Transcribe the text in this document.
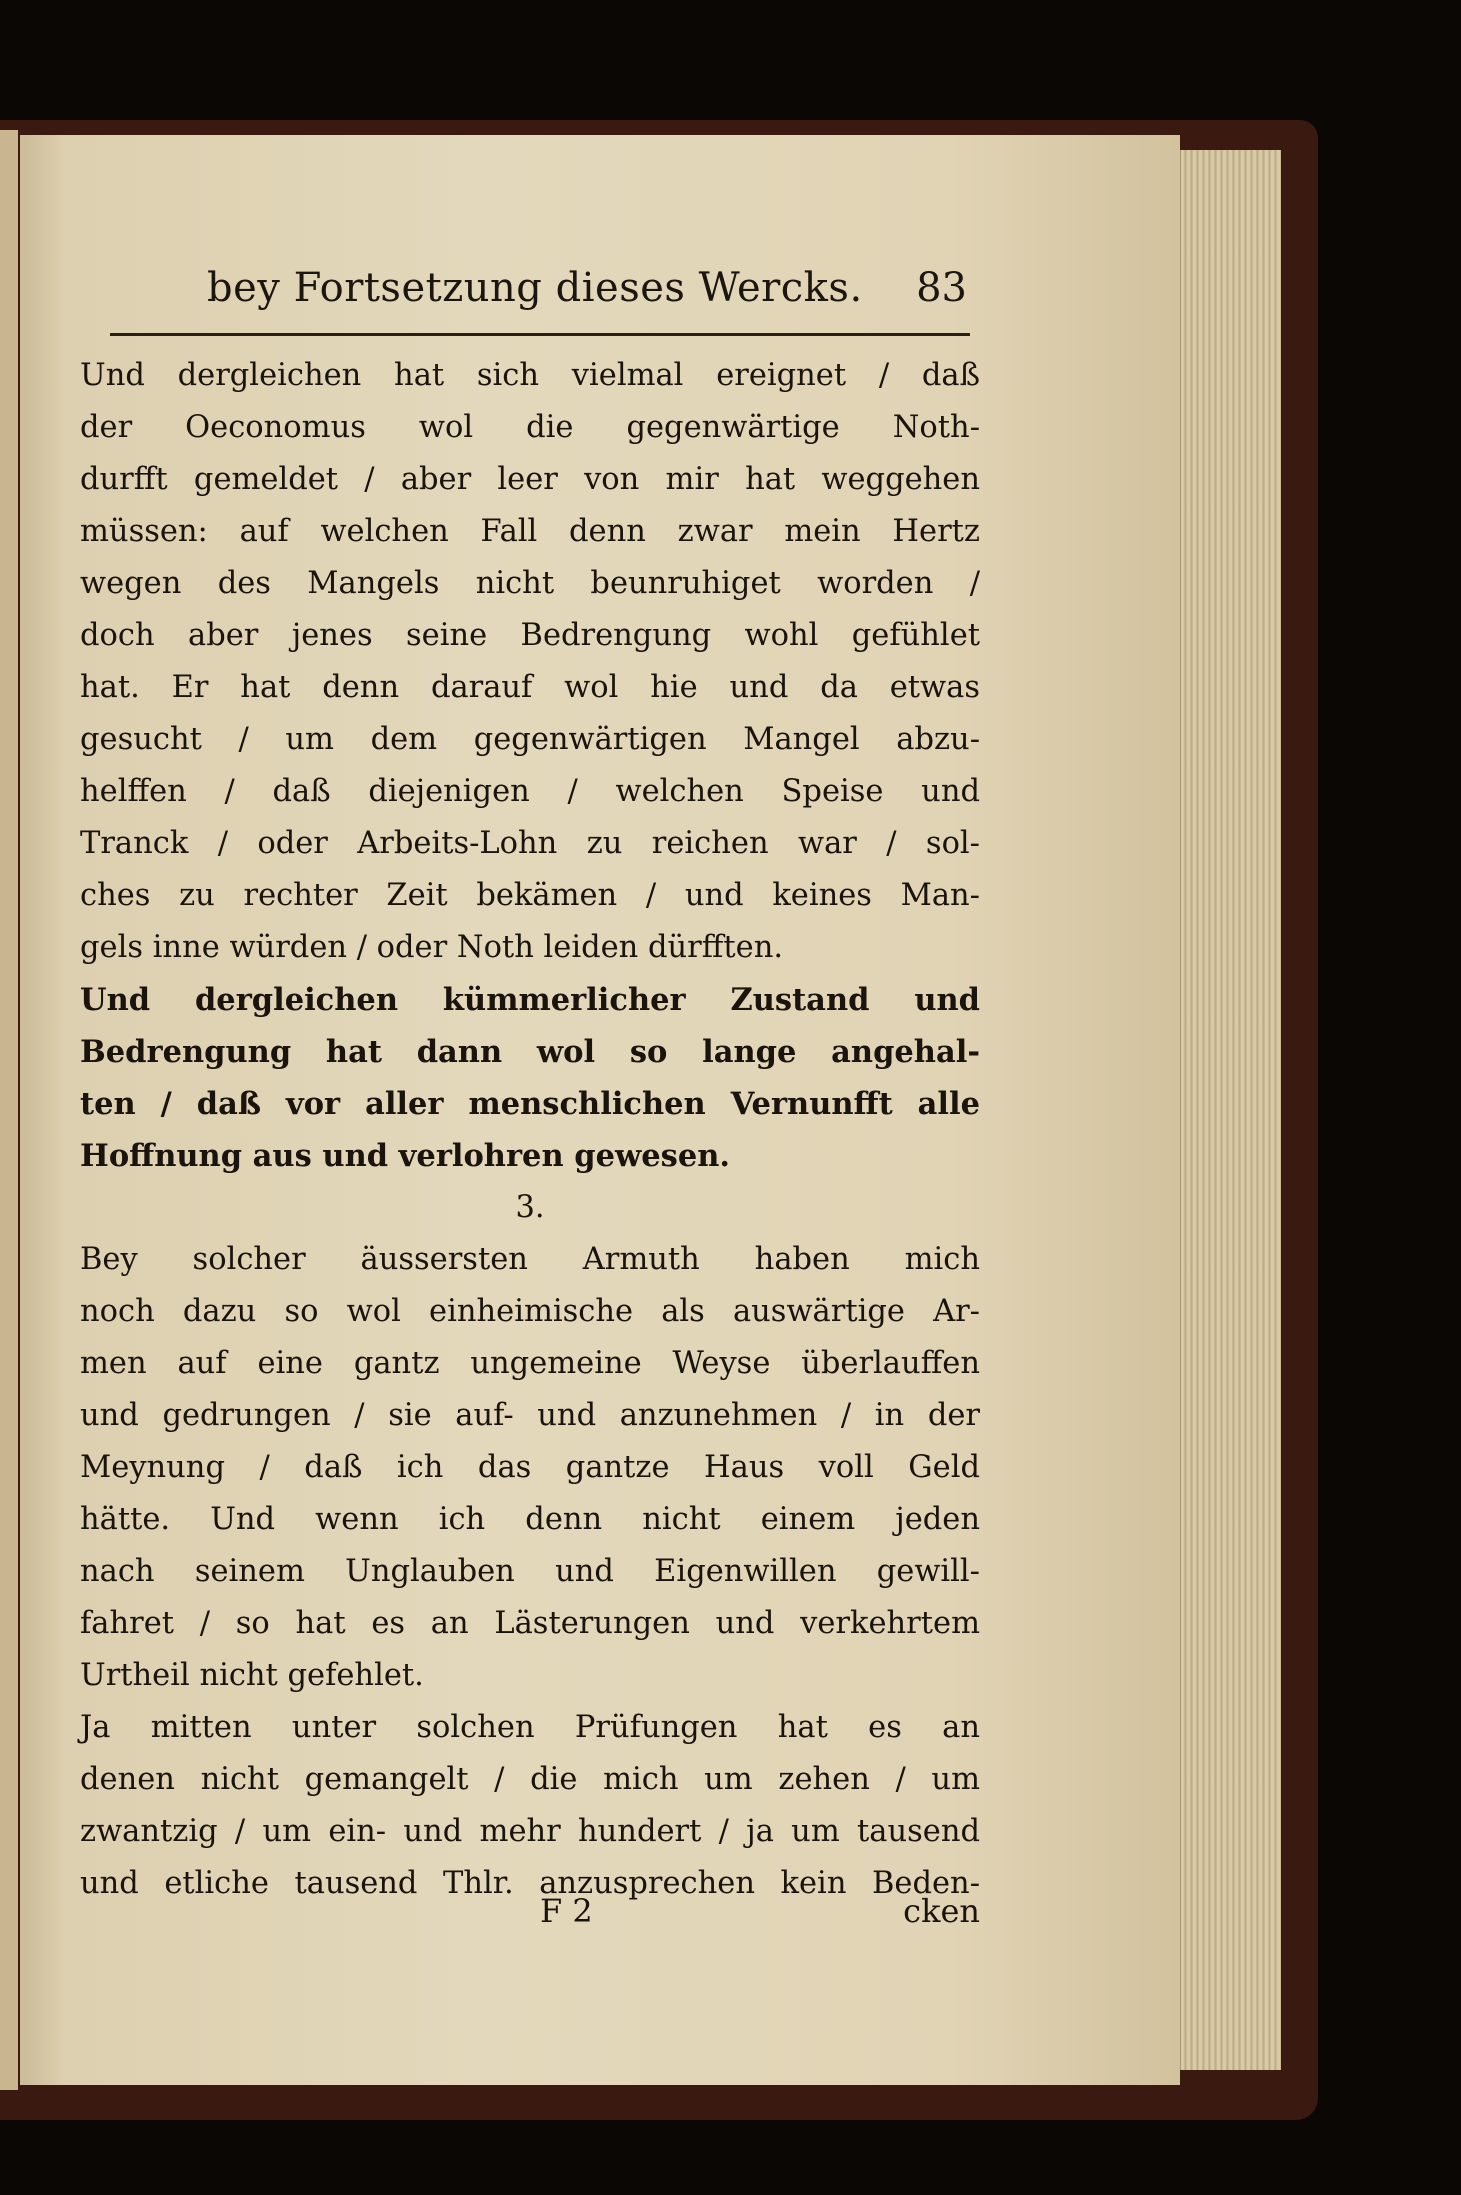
bey Fortsetzung dieses Wercks. 83
Und dergleichen hat sich vielmal ereignet / daß
der Oeconomus wol die gegenwärtige Noth-
durfft gemeldet / aber leer von mir hat weggehen
müssen: auf welchen Fall denn zwar mein Hertz
wegen des Mangels nicht beunruhiget worden /
doch aber jenes seine Bedrengung wohl gefühlet
hat. Er hat denn darauf wol hie und da etwas
gesucht / um dem gegenwärtigen Mangel abzu-
helffen / daß diejenigen / welchen Speise und
Tranck / oder Arbeits-Lohn zu reichen war / sol-
ches zu rechter Zeit bekämen / und keines Man-
gels inne würden / oder Noth leiden dürfften.
Und dergleichen kümmerlicher Zustand und
Bedrengung hat dann wol so lange angehal-
ten / daß vor aller menschlichen Vernunfft alle
Hoffnung aus und verlohren gewesen.
3.
Bey solcher äussersten Armuth haben mich
noch dazu so wol einheimische als auswärtige Ar-
men auf eine gantz ungemeine Weyse überlauffen
und gedrungen / sie auf- und anzunehmen / in der
Meynung / daß ich das gantze Haus voll Geld
hätte. Und wenn ich denn nicht einem jeden
nach seinem Unglauben und Eigenwillen gewill-
fahret / so hat es an Lästerungen und verkehrtem
Urtheil nicht gefehlet.
Ja mitten unter solchen Prüfungen hat es an
denen nicht gemangelt / die mich um zehen / um
zwantzig / um ein- und mehr hundert / ja um tausend
und etliche tausend Thlr. anzusprechen kein Beden-
F 2	cken
